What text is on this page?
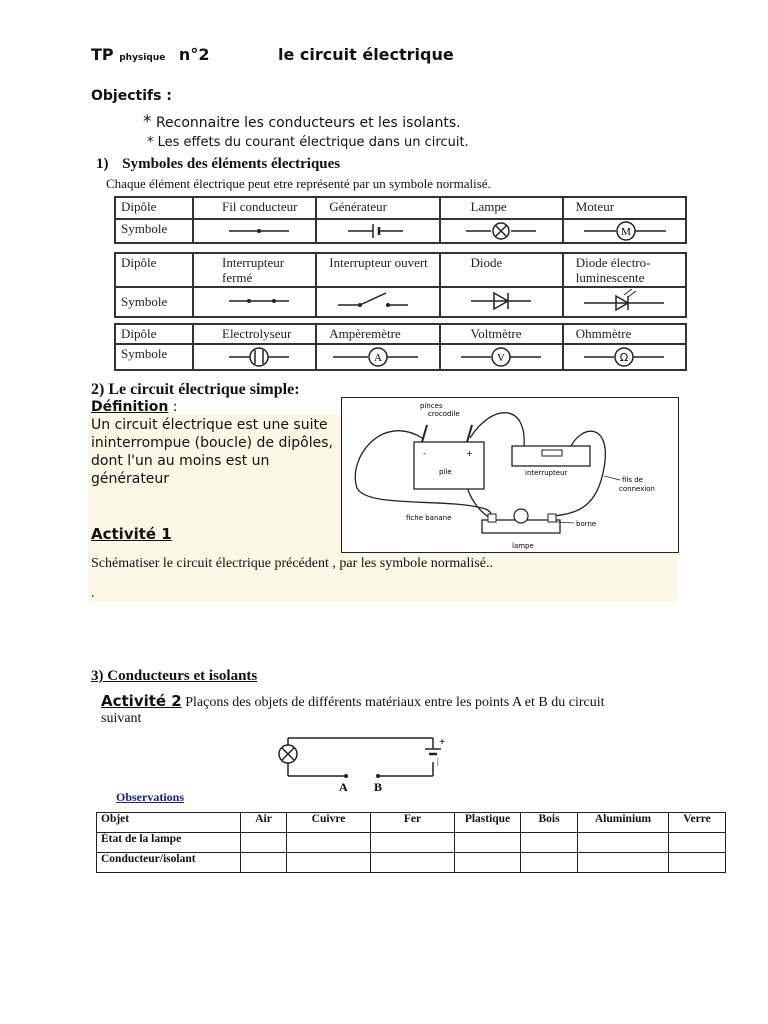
TP physique n°2	le circuit électrique
Objectifs :
* Reconnaitre les conducteurs et les isolants.
* Les effets du courant électrique dans un circuit.
1) Symboles des éléments électriques
Chaque élément électrique peut etre représenté par un symbole normalisé.
Dipôle	Fil conducteur	Générateur	Lampe	Moteur
Symbole				M
Dipôle	Interrupteur fermé	Interrupteur ouvert	Diode	Diode électro-luminescente
Symbole	

Dipôle	Electrolyseur	Ampèremètre	Voltmètre	Ohmmètre
Symbole		A	V	Ω
2) Le circuit électrique simple:
Définition :
Un circuit électrique est une suite ininterrompue (boucle) de dipôles, dont l'un au moins est un générateur
-	+
pile	interrupteur
pinces
crocodile
fils de
connexion
fiche banane
borne
lampe
Activité 1
Schématiser le circuit électrique précédent , par les symbole normalisé..
.
3) Conducteurs et isolants
Activité 2 Plaçons des objets de différents matériaux entre les points A et B du circuit
suivant
+
|
A B
Observations
Objet	Air	Cuivre	Fer	Plastique	Bois	Aluminium	Verre
État de la lampe							
Conducteur/isolant							
